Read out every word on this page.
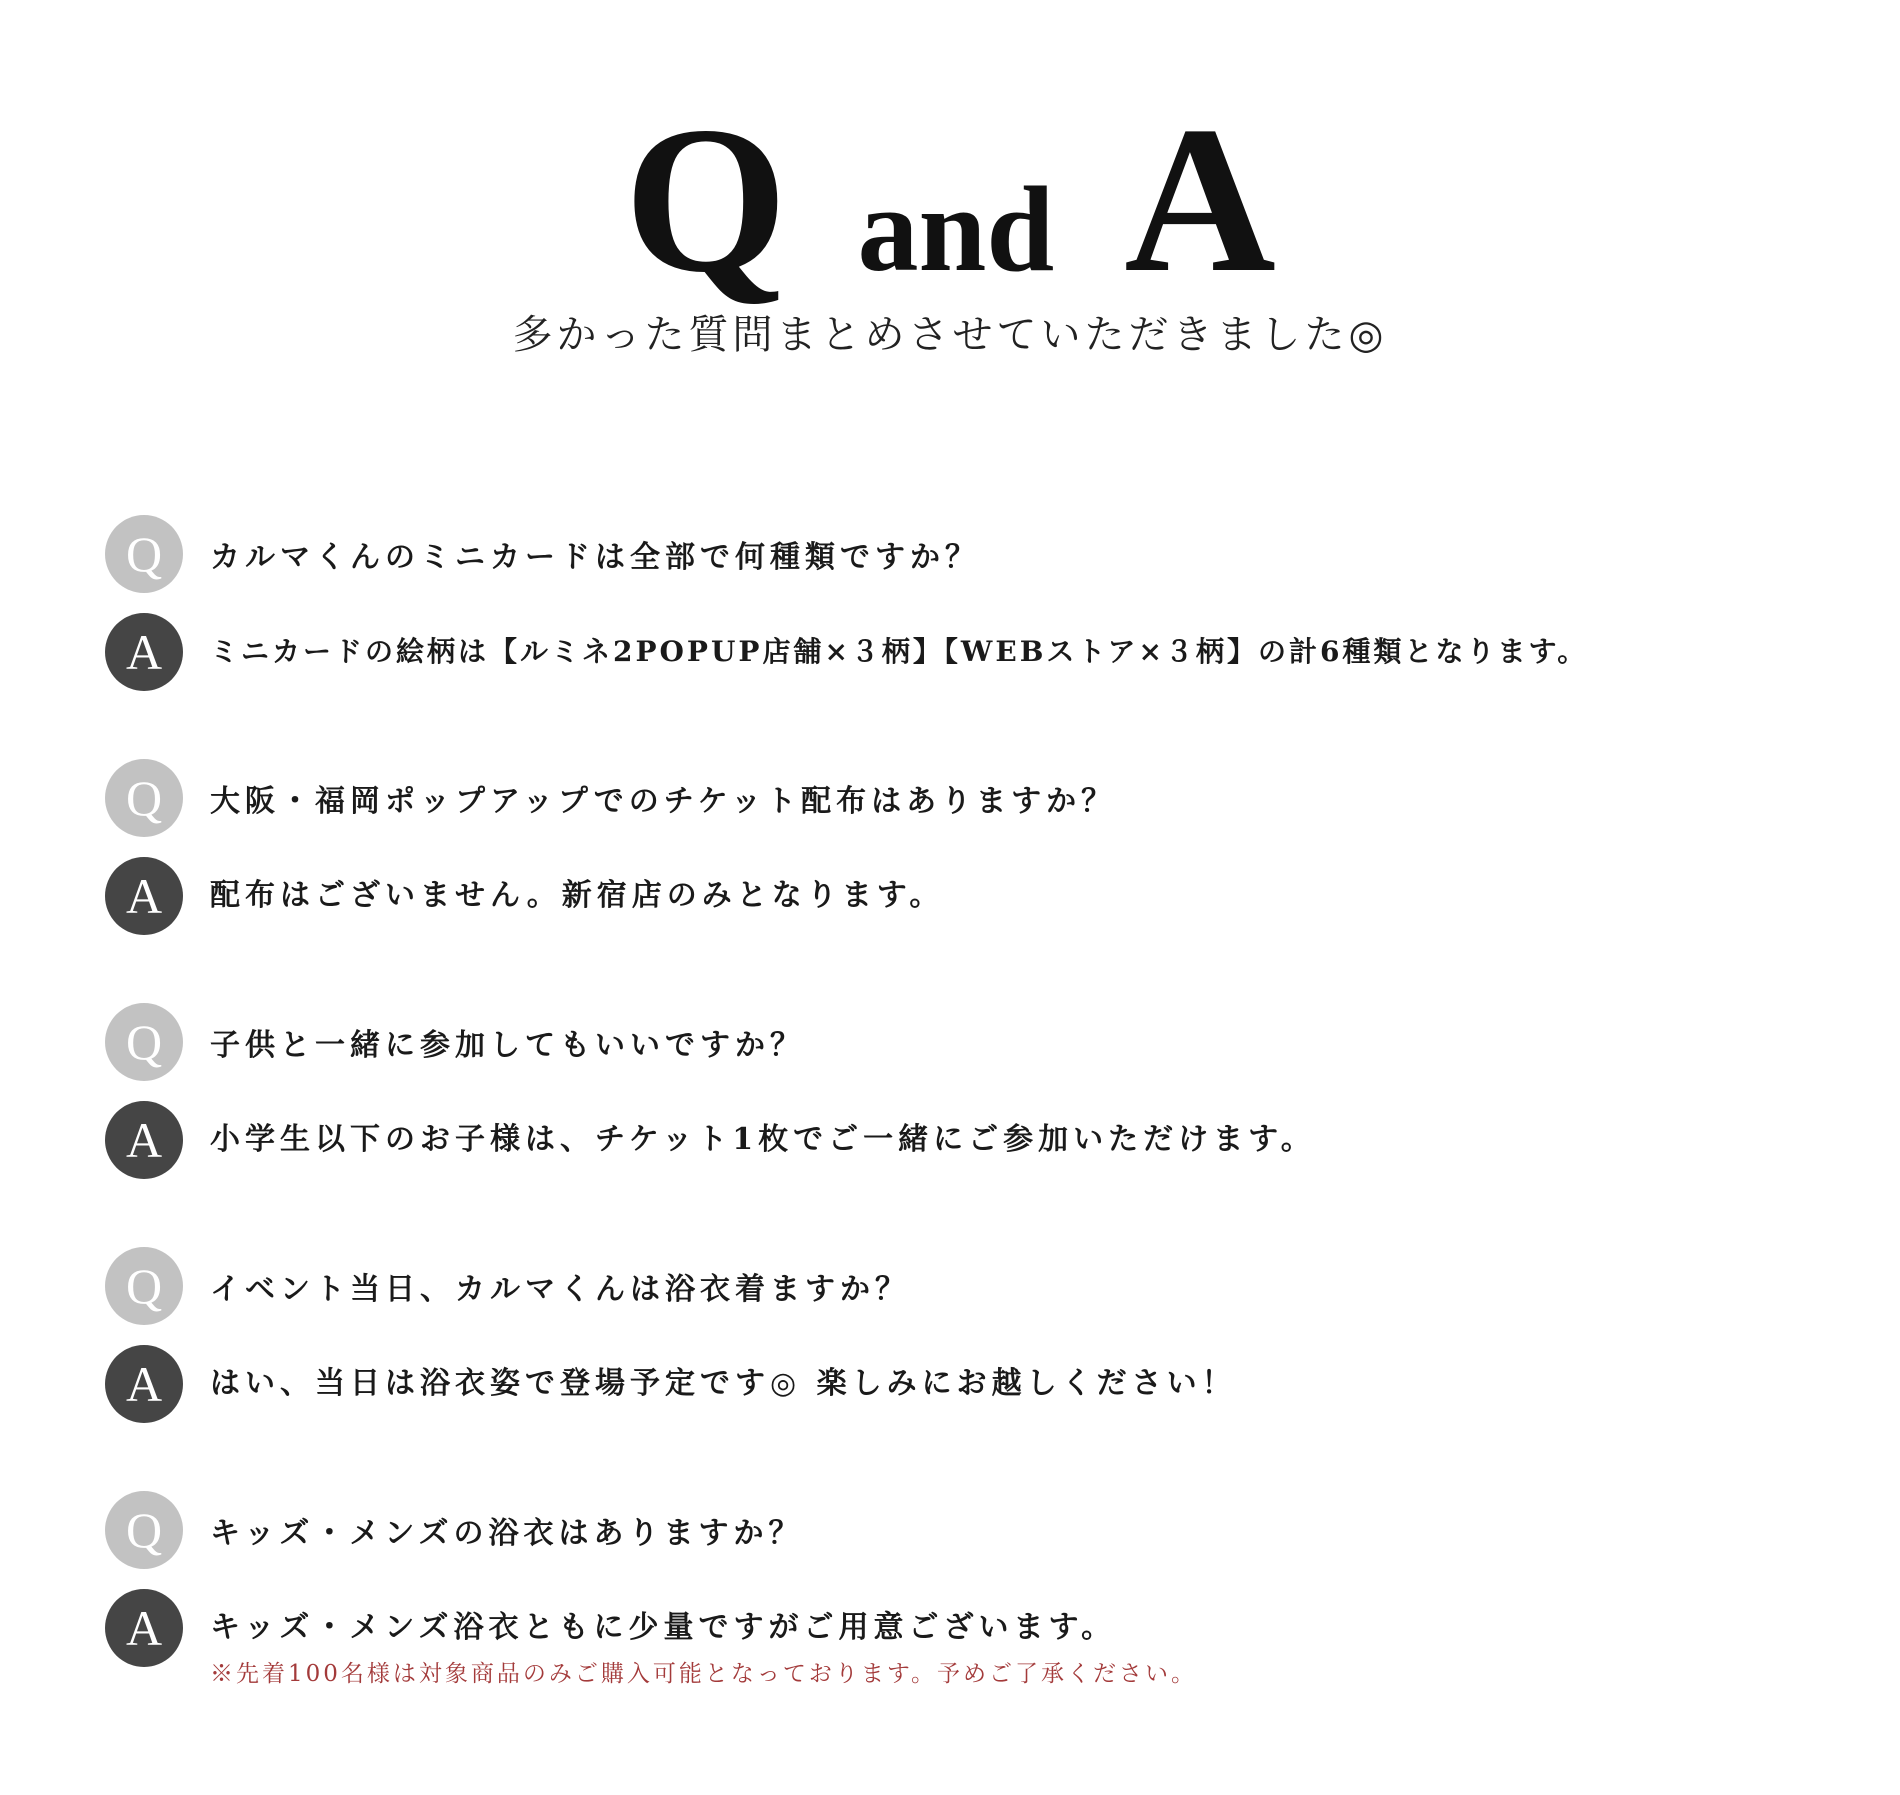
Qand A
多かった質問まとめさせていただきました◎
Q	カルマくんのミニカードは全部で何種類ですか？
A	ミニカードの絵柄は【ルミネ2POPUP店舗×３柄】【WEBストア×３柄】の計6種類となります。
Q	大阪・福岡ポップアップでのチケット配布はありますか？
A	配布はございません。新宿店のみとなります。
Q	子供と一緒に参加してもいいですか？
A	小学生以下のお子様は、チケット1枚でご一緒にご参加いただけます。
Q	イベント当日、カルマくんは浴衣着ますか？
A	はい、当日は浴衣姿で登場予定です◎ 楽しみにお越しください！
Q	キッズ・メンズの浴衣はありますか？
A	キッズ・メンズ浴衣ともに少量ですがご用意ございます。
※先着100名様は対象商品のみご購入可能となっております。予めご了承ください。
